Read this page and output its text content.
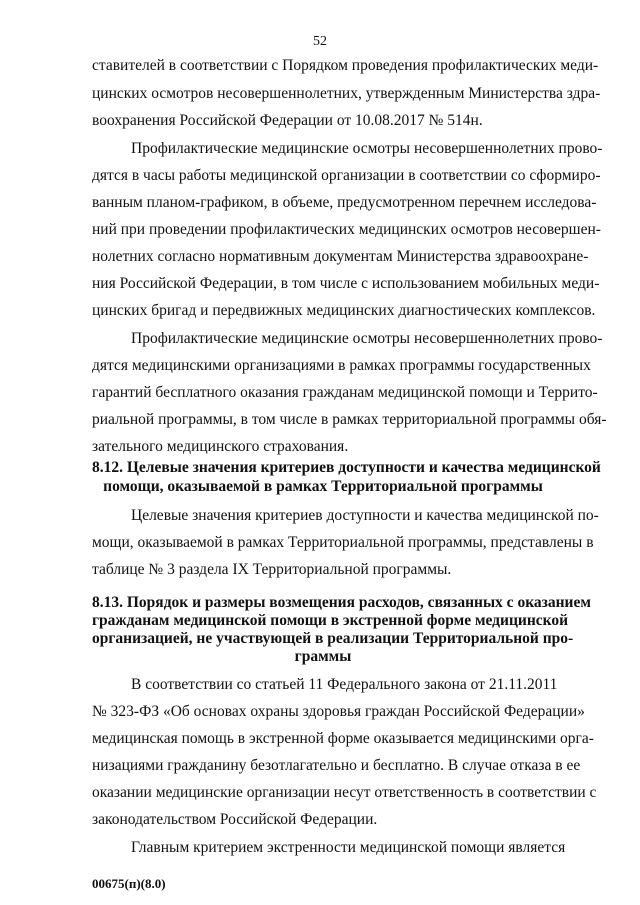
52
ставителей в соответствии с Порядком проведения профилактических меди-
цинских осмотров несовершеннолетних, утвержденным Министерства здра-
воохранения Российской Федерации от 10.08.2017 № 514н.
Профилактические медицинские осмотры несовершеннолетних прово-
дятся в часы работы медицинской организации в соответствии со сформиро-
ванным планом-графиком, в объеме, предусмотренном перечнем исследова-
ний при проведении профилактических медицинских осмотров несовершен-
нолетних согласно нормативным документам Министерства здравоохране-
ния Российской Федерации, в том числе с использованием мобильных меди-
цинских бригад и передвижных медицинских диагностических комплексов.
Профилактические медицинские осмотры несовершеннолетних прово-
дятся медицинскими организациями в рамках программы государственных
гарантий бесплатного оказания гражданам медицинской помощи и Террито-
риальной программы, в том числе в рамках территориальной программы обя-
зательного медицинского страхования.
8.12. Целевые значения критериев доступности и качества медицинской
помощи, оказываемой в рамках Территориальной программы
Целевые значения критериев доступности и качества медицинской по-
мощи, оказываемой в рамках Территориальной программы, представлены в
таблице № 3 раздела IX Территориальной программы.
8.13. Порядок и размеры возмещения расходов, связанных с оказанием
гражданам медицинской помощи в экстренной форме медицинской
организацией, не участвующей в реализации Территориальной про-
граммы
В соответствии со статьей 11 Федерального закона от 21.11.2011
№ 323-ФЗ «Об основах охраны здоровья граждан Российской Федерации»
медицинская помощь в экстренной форме оказывается медицинскими орга-
низациями гражданину безотлагательно и бесплатно. В случае отказа в ее
оказании медицинские организации несут ответственность в соответствии с
законодательством Российской Федерации.
Главным критерием экстренности медицинской помощи является
00675(п)(8.0)
